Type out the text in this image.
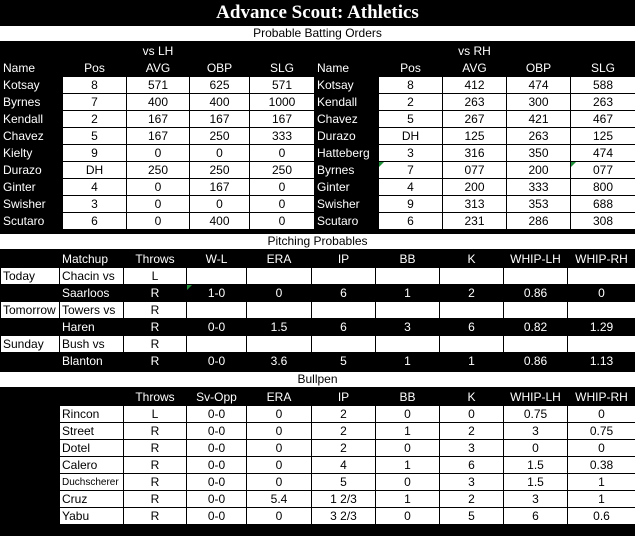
Advance Scout: Athletics
Probable Batting Orders
		vs LH					vs RH		
Name	Pos	AVG	OBP	SLG	Name	Pos	AVG	OBP	SLG
Kotsay	8	571	625	571	Kotsay	8	412	474	588
Byrnes	7	400	400	1000	Kendall	2	263	300	263
Kendall	2	167	167	167	Chavez	5	267	421	467
Chavez	5	167	250	333	Durazo	DH	125	263	125
Kielty	9	0	0	0	Hatteberg	3	316	350	474
Durazo	DH	250	250	250	Byrnes	7	077	200	077
Ginter	4	0	167	0	Ginter	4	200	333	800
Swisher	3	0	0	0	Swisher	9	313	353	688
Scutaro	6	0	400	0	Scutaro	6	231	286	308
Pitching Probables
	Matchup	Throws	W-L	ERA	IP	BB	K	WHIP-LH	WHIP-RH
Today	Chacin vs	L							
	Saarloos	R	1-0	0	6	1	2	0.86	0
Tomorrow	Towers vs	R							
	Haren	R	0-0	1.5	6	3	6	0.82	1.29
Sunday	Bush vs	R							
	Blanton	R	0-0	3.6	5	1	1	0.86	1.13
Bullpen
		Throws	Sv-Opp	ERA	IP	BB	K	WHIP-LH	WHIP-RH
	Rincon	L	0-0	0	2	0	0	0.75	0
	Street	R	0-0	0	2	1	2	3	0.75
	Dotel	R	0-0	0	2	0	3	0	0
	Calero	R	0-0	0	4	1	6	1.5	0.38
	Duchscherer	R	0-0	0	5	0	3	1.5	1
	Cruz	R	0-0	5.4	1 2/3	1	2	3	1
	Yabu	R	0-0	0	3 2/3	0	5	6	0.6
